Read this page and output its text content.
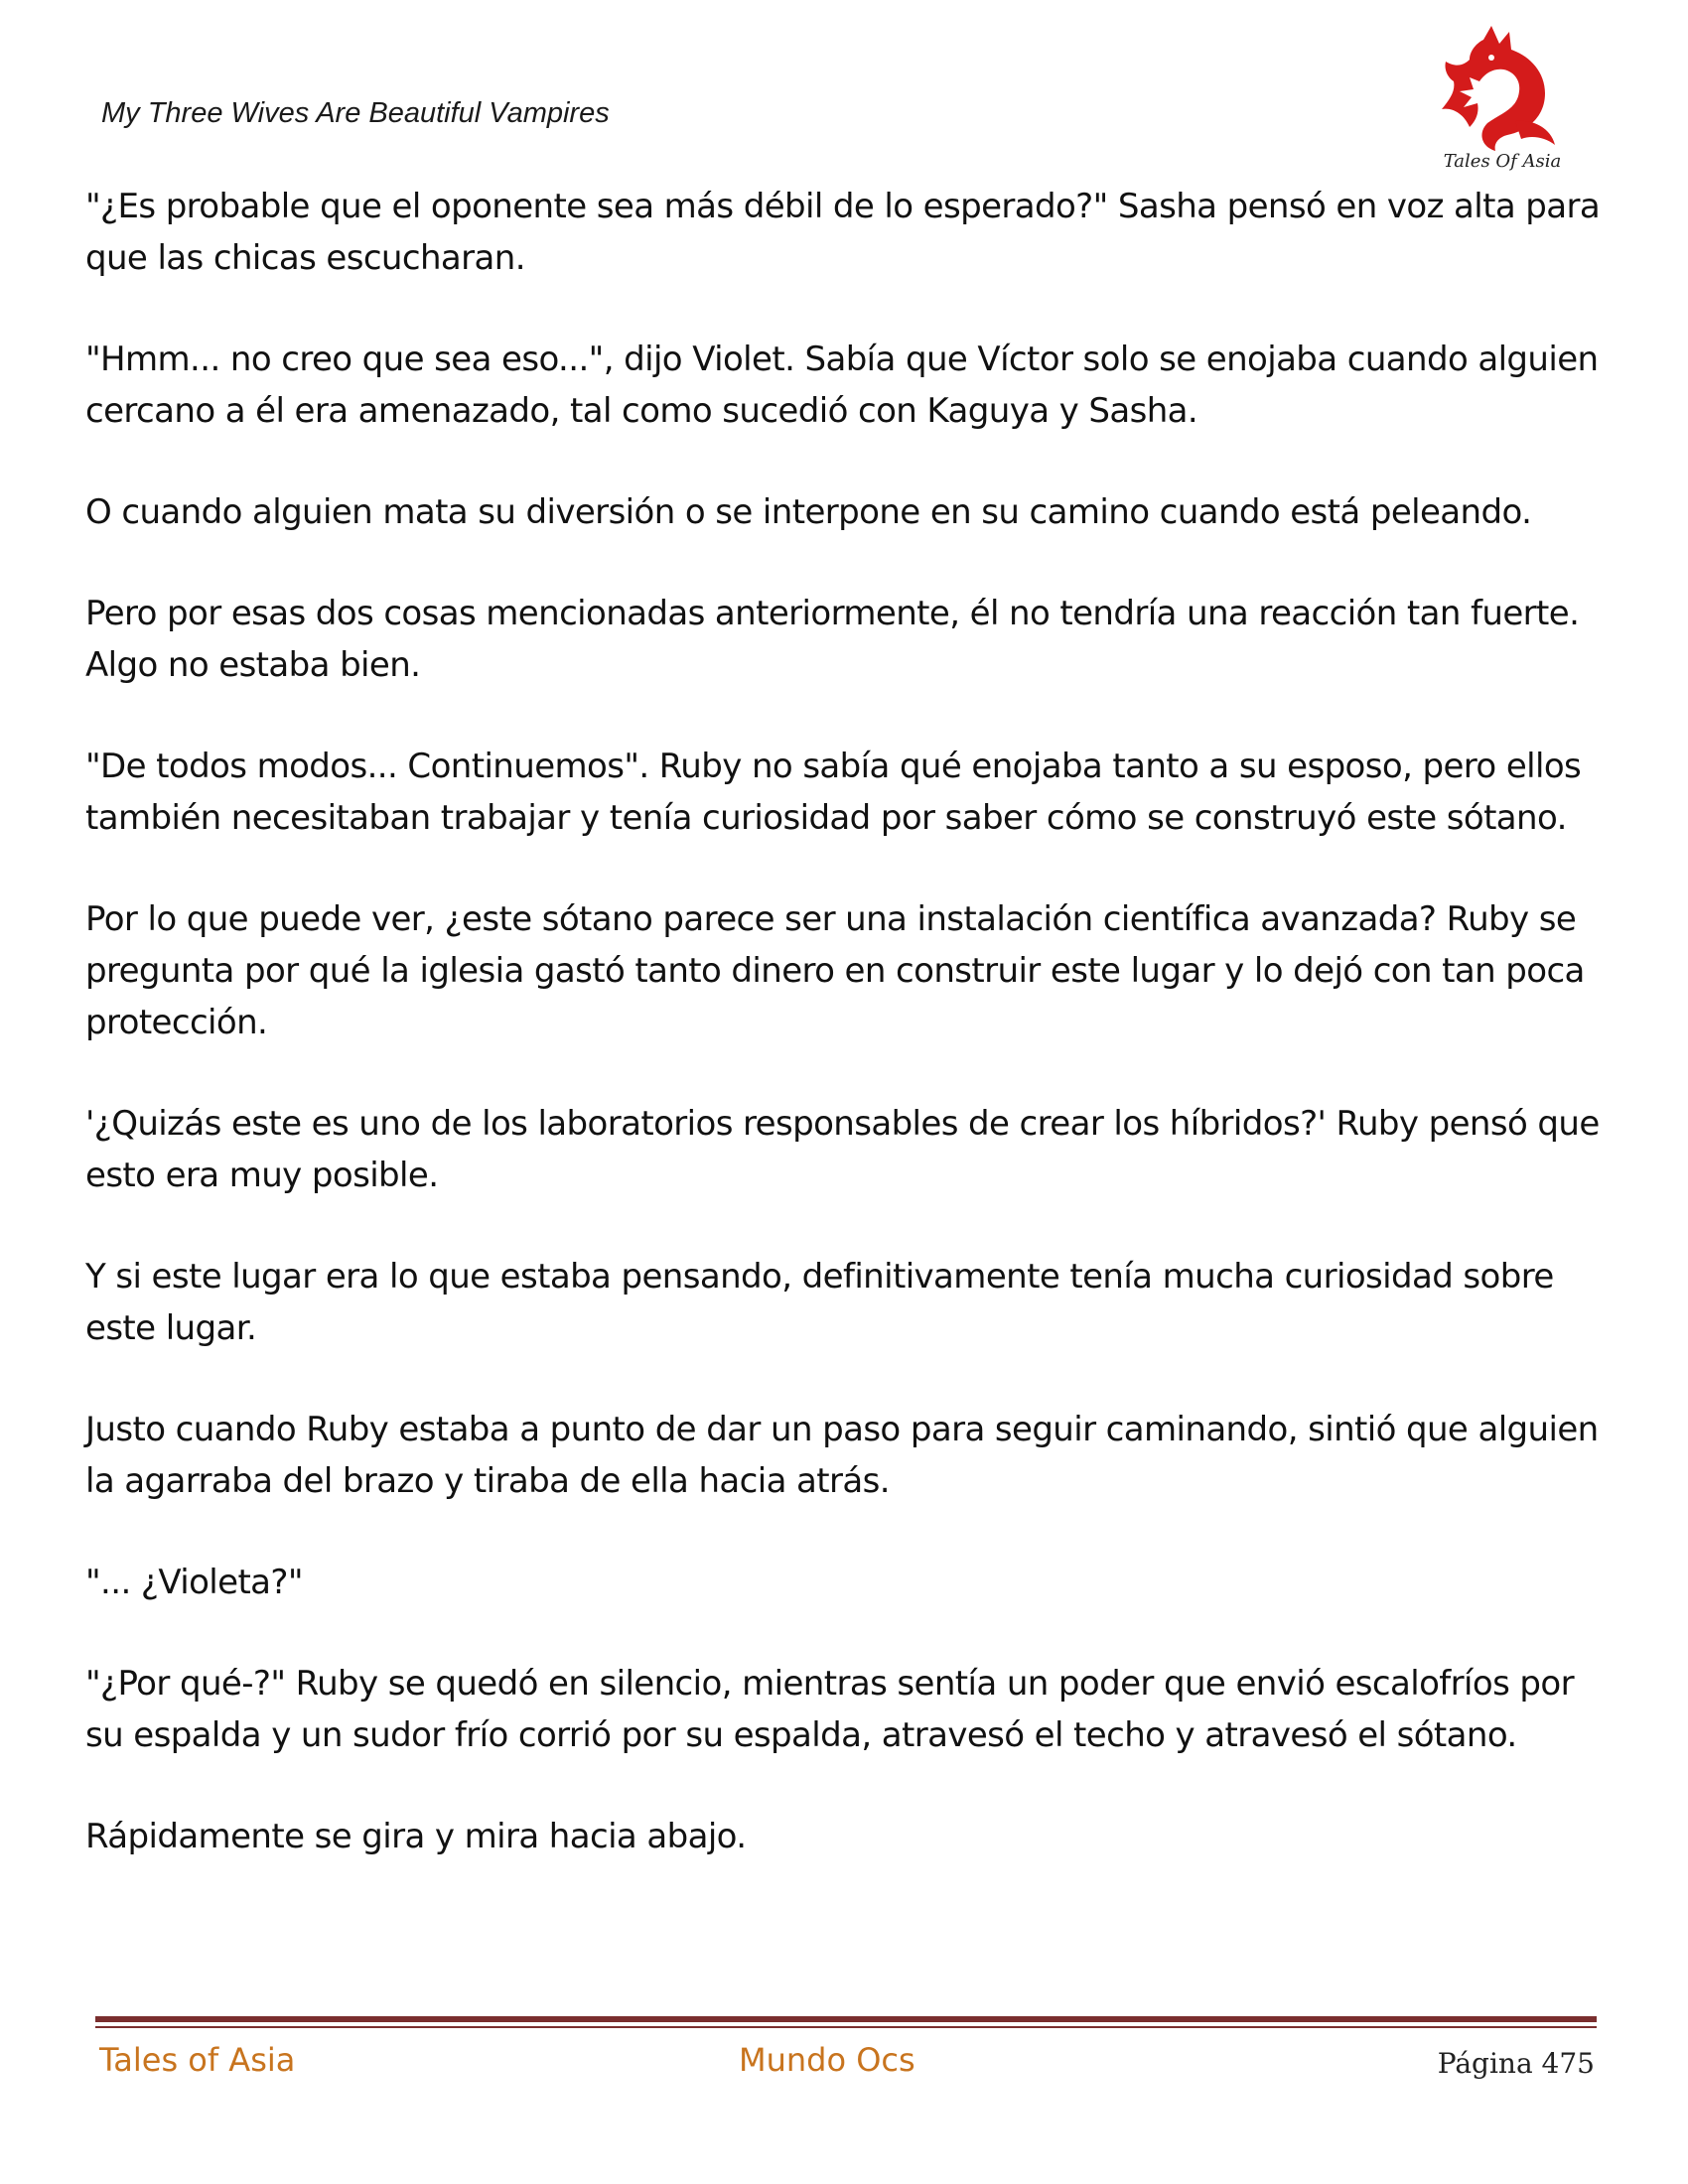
My Three Wives Are Beautiful Vampires
Tales Of Asia

"¿Es probable que el oponente sea más débil de lo esperado?" Sasha pensó en voz alta para que las chicas escucharan.

"Hmm... no creo que sea eso...", dijo Violet. Sabía que Víctor solo se enojaba cuando alguien cercano a él era amenazado, tal como sucedió con Kaguya y Sasha.

O cuando alguien mata su diversión o se interpone en su camino cuando está peleando.

Pero por esas dos cosas mencionadas anteriormente, él no tendría una reacción tan fuerte. Algo no estaba bien.

"De todos modos... Continuemos". Ruby no sabía qué enojaba tanto a su esposo, pero ellos también necesitaban trabajar y tenía curiosidad por saber cómo se construyó este sótano.

Por lo que puede ver, ¿este sótano parece ser una instalación científica avanzada? Ruby se pregunta por qué la iglesia gastó tanto dinero en construir este lugar y lo dejó con tan poca protección.

'¿Quizás este es uno de los laboratorios responsables de crear los híbridos?' Ruby pensó que esto era muy posible.

Y si este lugar era lo que estaba pensando, definitivamente tenía mucha curiosidad sobre este lugar.

Justo cuando Ruby estaba a punto de dar un paso para seguir caminando, sintió que alguien la agarraba del brazo y tiraba de ella hacia atrás.

"... ¿Violeta?"

"¿Por qué-?" Ruby se quedó en silencio, mientras sentía un poder que envió escalofríos por su espalda y un sudor frío corrió por su espalda, atravesó el techo y atravesó el sótano.

Rápidamente se gira y mira hacia abajo.

Tales of Asia	Mundo Ocs	Página 475
